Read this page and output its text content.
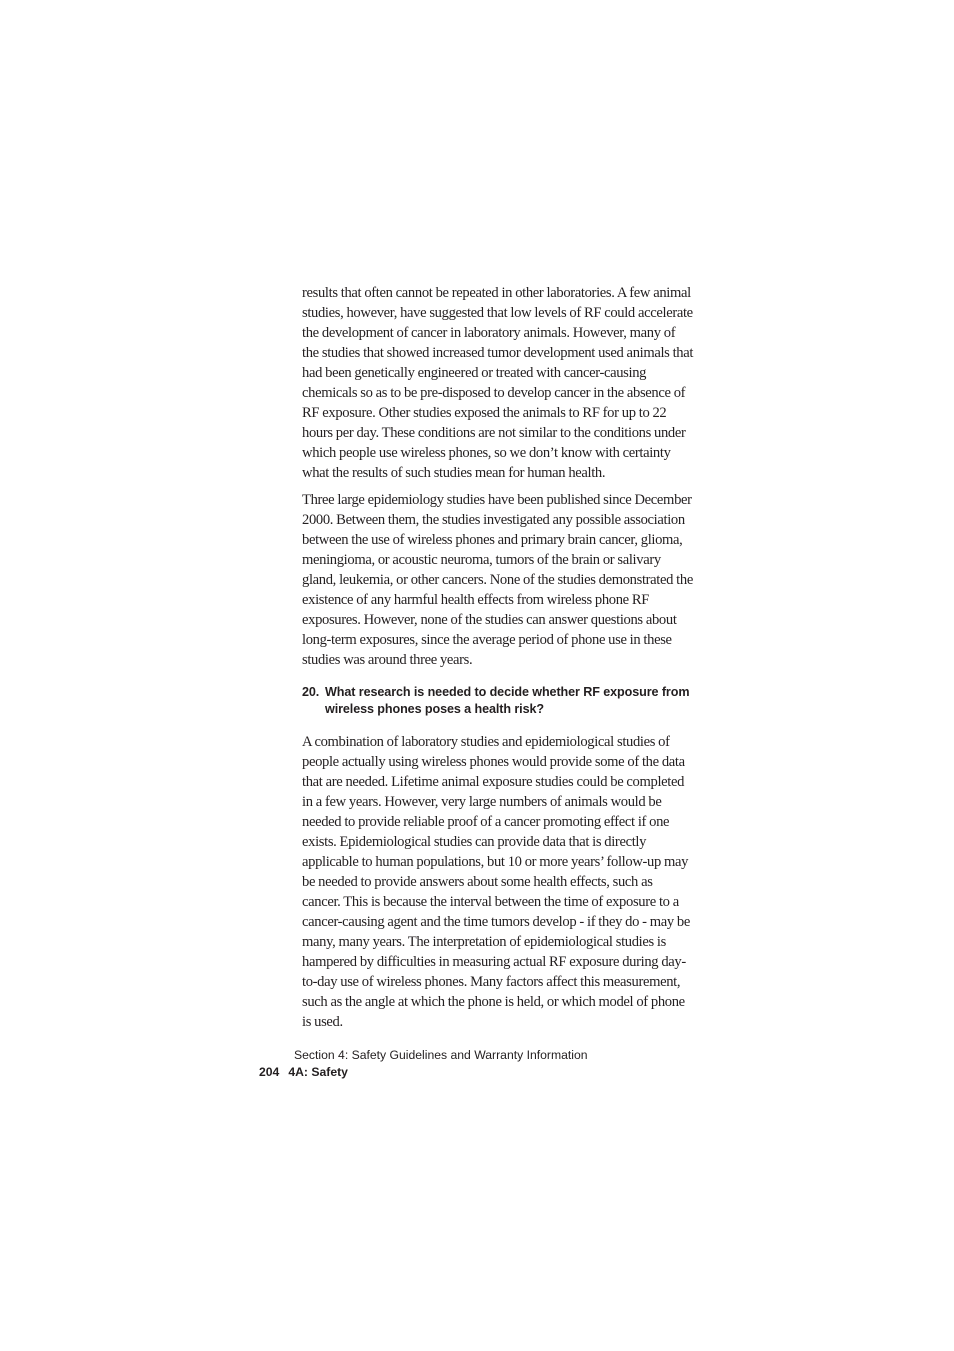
results that often cannot be repeated in other laboratories. A few animal studies, however, have suggested that low levels of RF could accelerate the development of cancer in laboratory animals. However, many of the studies that showed increased tumor development used animals that had been genetically engineered or treated with cancer-causing chemicals so as to be pre-disposed to develop cancer in the absence of RF exposure. Other studies exposed the animals to RF for up to 22 hours per day. These conditions are not similar to the conditions under which people use wireless phones, so we don’t know with certainty what the results of such studies mean for human health.

Three large epidemiology studies have been published since December 2000. Between them, the studies investigated any possible association between the use of wireless phones and primary brain cancer, glioma, meningioma, or acoustic neuroma, tumors of the brain or salivary gland, leukemia, or other cancers. None of the studies demonstrated the existence of any harmful health effects from wireless phone RF exposures. However, none of the studies can answer questions about long-term exposures, since the average period of phone use in these studies was around three years.

20. What research is needed to decide whether RF exposure from wireless phones poses a health risk?

A combination of laboratory studies and epidemiological studies of people actually using wireless phones would provide some of the data that are needed. Lifetime animal exposure studies could be completed in a few years. However, very large numbers of animals would be needed to provide reliable proof of a cancer promoting effect if one exists. Epidemiological studies can provide data that is directly applicable to human populations, but 10 or more years’ follow-up may be needed to provide answers about some health effects, such as cancer. This is because the interval between the time of exposure to a cancer-causing agent and the time tumors develop - if they do - may be many, many years. The interpretation of epidemiological studies is hampered by difficulties in measuring actual RF exposure during day-to-day use of wireless phones. Many factors affect this measurement, such as the angle at which the phone is held, or which model of phone is used.

Section 4: Safety Guidelines and Warranty Information
204 4A: Safety
